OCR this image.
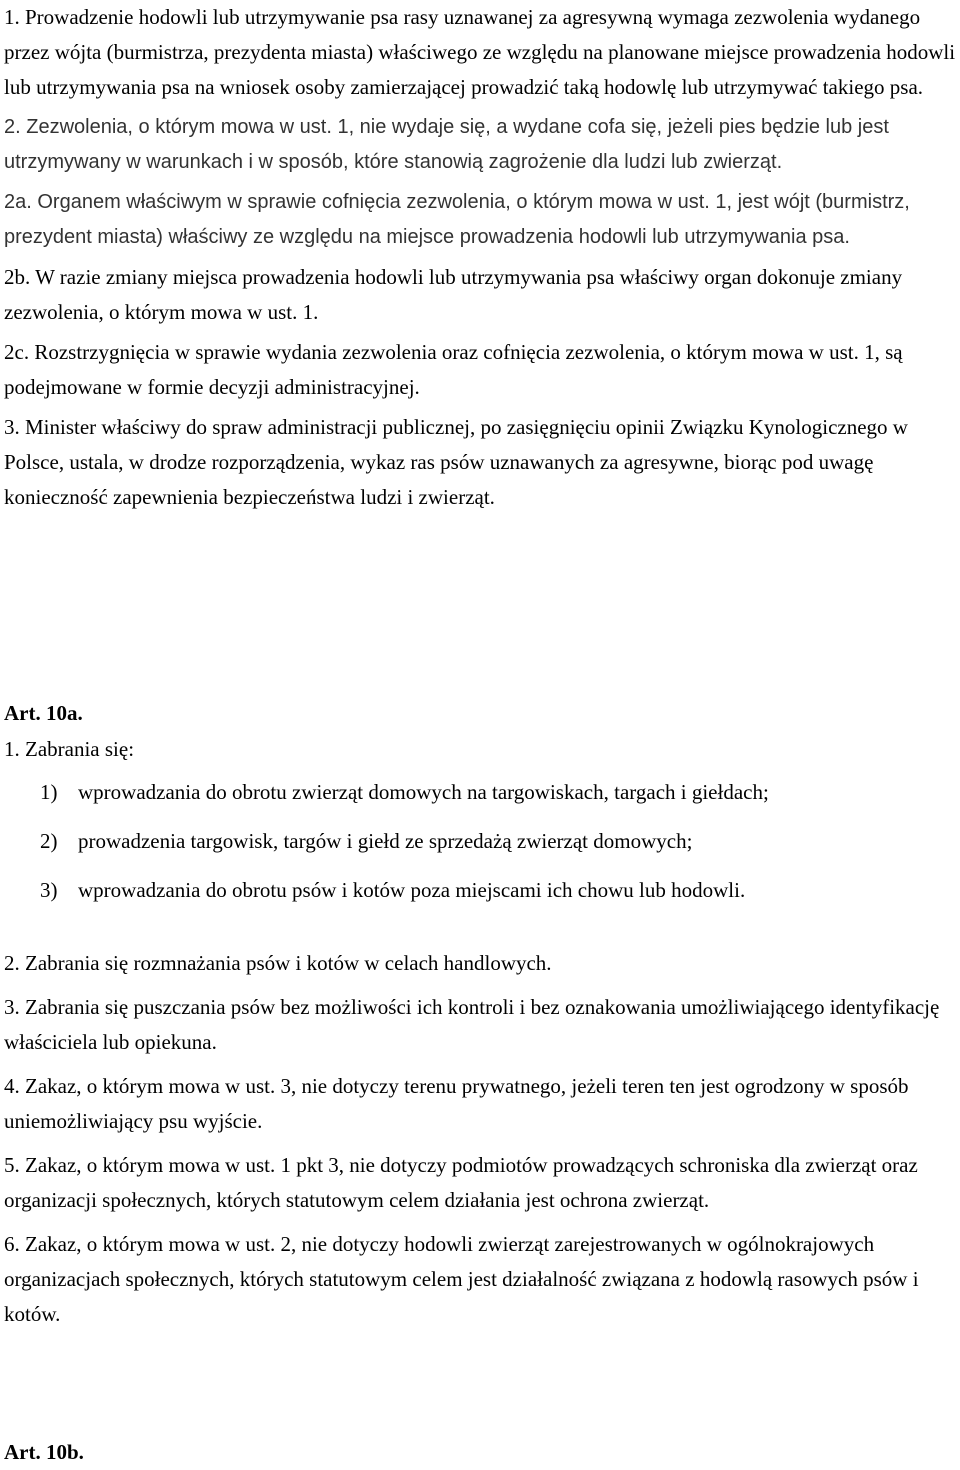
1. Prowadzenie hodowli lub utrzymywanie psa rasy uznawanej za agresywną wymaga zezwolenia wydanego przez wójta (burmistrza, prezydenta miasta) właściwego ze względu na planowane miejsce prowadzenia hodowli lub utrzymywania psa na wniosek osoby zamierzającej prowadzić taką hodowlę lub utrzymywać takiego psa.

2. Zezwolenia, o którym mowa w ust. 1, nie wydaje się, a wydane cofa się, jeżeli pies będzie lub jest utrzymywany w warunkach i w sposób, które stanowią zagrożenie dla ludzi lub zwierząt.

2a. Organem właściwym w sprawie cofnięcia zezwolenia, o którym mowa w ust. 1, jest wójt (burmistrz, prezydent miasta) właściwy ze względu na miejsce prowadzenia hodowli lub utrzymywania psa.

2b. W razie zmiany miejsca prowadzenia hodowli lub utrzymywania psa właściwy organ dokonuje zmiany zezwolenia, o którym mowa w ust. 1.

2c. Rozstrzygnięcia w sprawie wydania zezwolenia oraz cofnięcia zezwolenia, o którym mowa w ust. 1, są podejmowane w formie decyzji administracyjnej.

3. Minister właściwy do spraw administracji publicznej, po zasięgnięciu opinii Związku Kynologicznego w Polsce, ustala, w drodze rozporządzenia, wykaz ras psów uznawanych za agresywne, biorąc pod uwagę konieczność zapewnienia bezpieczeństwa ludzi i zwierząt.

Art. 10a.

1. Zabrania się:

1) wprowadzania do obrotu zwierząt domowych na targowiskach, targach i giełdach;
2) prowadzenia targowisk, targów i giełd ze sprzedażą zwierząt domowych;
3) wprowadzania do obrotu psów i kotów poza miejscami ich chowu lub hodowli.

2. Zabrania się rozmnażania psów i kotów w celach handlowych.

3. Zabrania się puszczania psów bez możliwości ich kontroli i bez oznakowania umożliwiającego identyfikację właściciela lub opiekuna.

4. Zakaz, o którym mowa w ust. 3, nie dotyczy terenu prywatnego, jeżeli teren ten jest ogrodzony w sposób uniemożliwiający psu wyjście.

5. Zakaz, o którym mowa w ust. 1 pkt 3, nie dotyczy podmiotów prowadzących schroniska dla zwierząt oraz organizacji społecznych, których statutowym celem działania jest ochrona zwierząt.

6. Zakaz, o którym mowa w ust. 2, nie dotyczy hodowli zwierząt zarejestrowanych w ogólnokrajowych organizacjach społecznych, których statutowym celem jest działalność związana z hodowlą rasowych psów i kotów.

Art. 10b.
